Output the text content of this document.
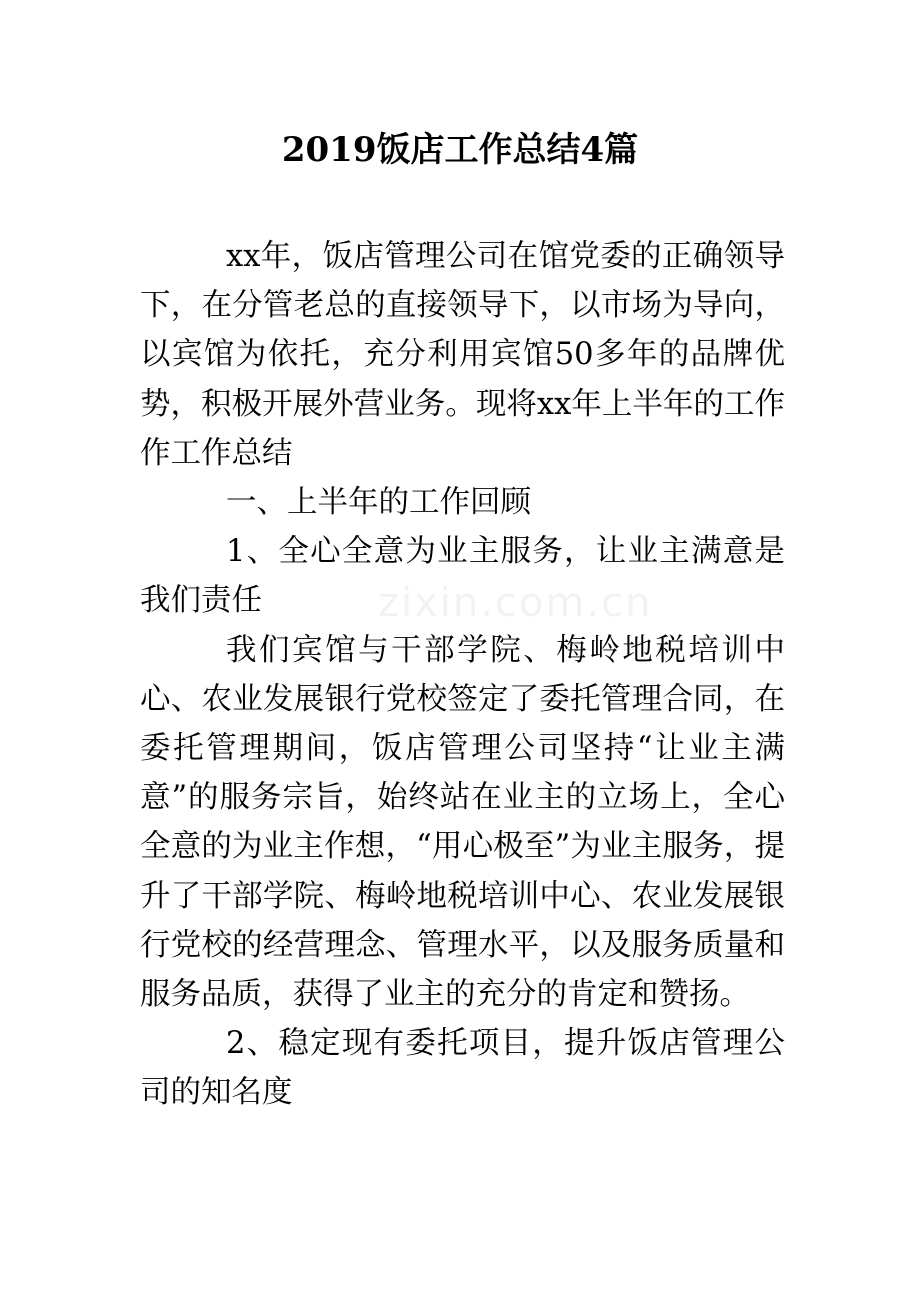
2019饭店工作总结4篇

xx年，饭店管理公司在馆党委的正确领导下，在分管老总的直接领导下，以市场为导向，以宾馆为依托，充分利用宾馆50多年的品牌优势，积极开展外营业务。现将xx年上半年的工作作工作总结

一、上半年的工作回顾

1、全心全意为业主服务，让业主满意是我们责任

我们宾馆与干部学院、梅岭地税培训中心、农业发展银行党校签定了委托管理合同，在委托管理期间，饭店管理公司坚持“让业主满意”的服务宗旨，始终站在业主的立场上，全心全意的为业主作想，“用心极至”为业主服务，提升了干部学院、梅岭地税培训中心、农业发展银行党校的经营理念、管理水平，以及服务质量和服务品质，获得了业主的充分的肯定和赞扬。

2、稳定现有委托项目，提升饭店管理公司的知名度

zixin.com.cn
